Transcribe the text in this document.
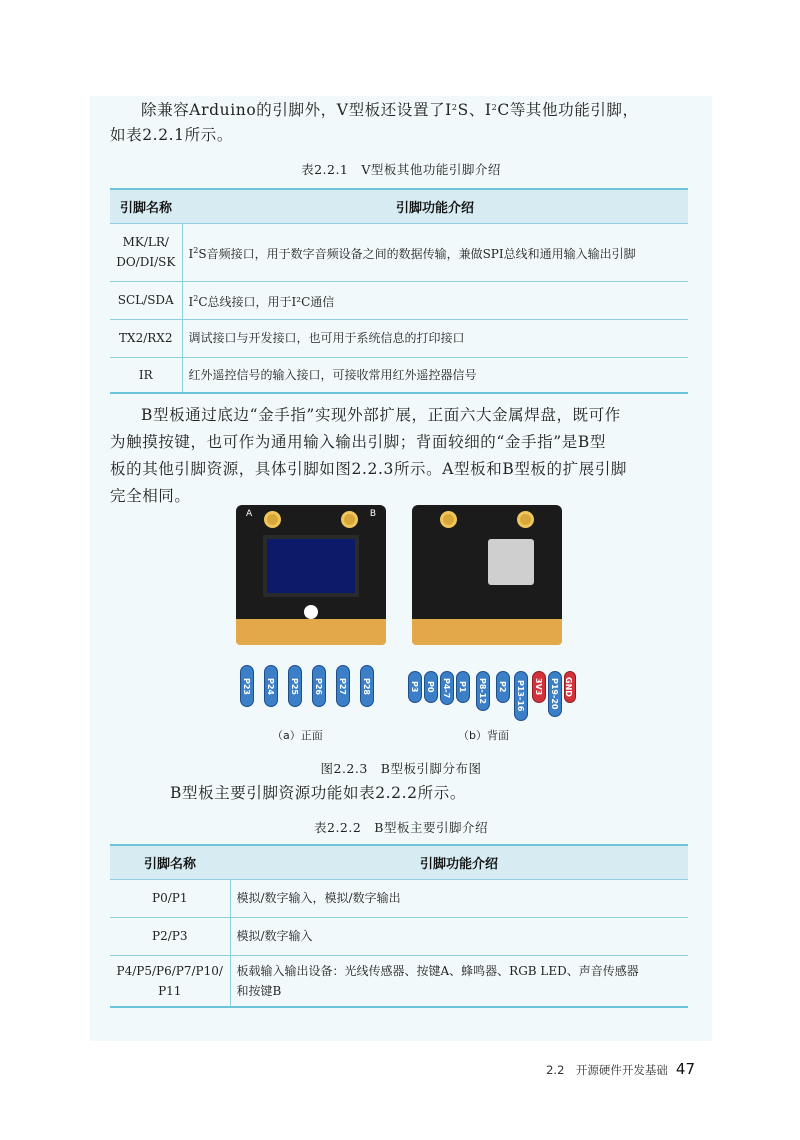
除兼容Arduino的引脚外，V型板还设置了$I^2S$、$I^2C$等其他功能引脚，
如表2.2.1所示。
表2.2.1　V型板其他功能引脚介绍
引脚名称	引脚功能介绍
MK/LR/
DO/DI/SK	$I^2S$音频接口，用于数字音频设备之间的数据传输，兼做SPI总线和通用输入输出引脚
SCL/SDA	$I^2C$总线接口，用于I²C通信
TX2/RX2	调试接口与开发接口，也可用于系统信息的打印接口
IR	红外遥控信号的输入接口，可接收常用红外遥控器信号
B型板通过底边“金手指”实现外部扩展，正面六大金属焊盘，既可作
为触摸按键，也可作为通用输入输出引脚；背面较细的“金手指”是B型
板的其他引脚资源，具体引脚如图2.2.3所示。A型板和B型板的扩展引脚
完全相同。
A	B
P23	P24	P25	P26	P27	P28	P3 P0 P4-7 P1	P8-12	P2	P13-16	3V3 P19-20 GND
（a）正面	（b）背面
图2.2.3　B型板引脚分布图
B型板主要引脚资源功能如表2.2.2所示。
表2.2.2　B型板主要引脚介绍
引脚名称	引脚功能介绍
P0/P1	模拟/数字输入，模拟/数字输出
P2/P3	模拟/数字输入
P4/P5/P6/P7/P10/
P11	板载输入输出设备：光线传感器、按键A、蜂鸣器、RGB LED、声音传感器
和按键B
2.2　开源硬件开发基础 47
